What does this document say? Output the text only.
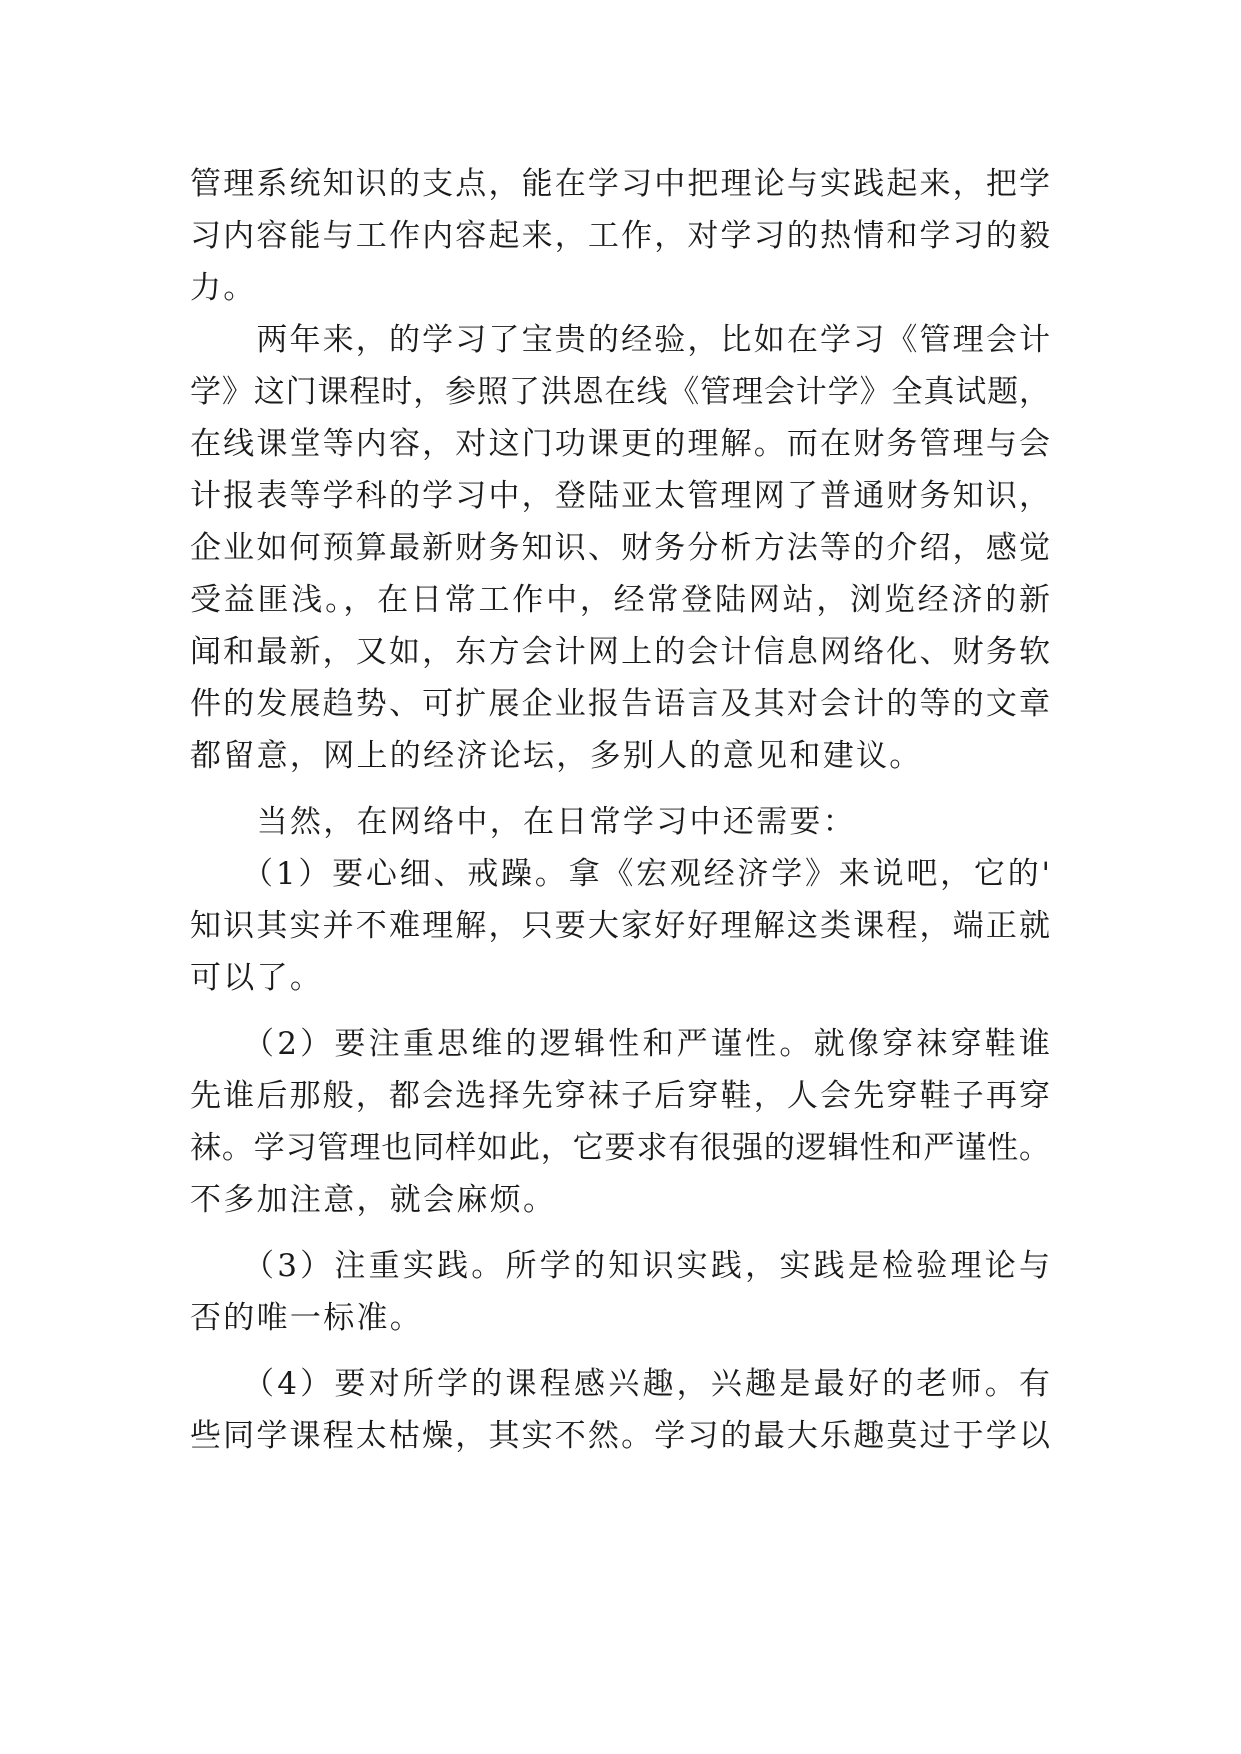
管理系统知识的支点，能在学习中把理论与实践起来，把学
习内容能与工作内容起来，工作，对学习的热情和学习的毅
力。
　　两年来，的学习了宝贵的经验，比如在学习《管理会计
学》这门课程时，参照了洪恩在线《管理会计学》全真试题，
在线课堂等内容，对这门功课更的理解。而在财务管理与会
计报表等学科的学习中，登陆亚太管理网了普通财务知识，
企业如何预算最新财务知识、财务分析方法等的介绍，感觉
受益匪浅。，在日常工作中，经常登陆网站，浏览经济的新
闻和最新，又如，东方会计网上的会计信息网络化、财务软
件的发展趋势、可扩展企业报告语言及其对会计的等的文章
都留意，网上的经济论坛，多别人的意见和建议。
　　当然，在网络中，在日常学习中还需要：
　　（1）要心细、戒躁。拿《宏观经济学》来说吧，它的'
知识其实并不难理解，只要大家好好理解这类课程，端正就
可以了。
　　（2）要注重思维的逻辑性和严谨性。就像穿袜穿鞋谁
先谁后那般，都会选择先穿袜子后穿鞋，人会先穿鞋子再穿
袜。学习管理也同样如此，它要求有很强的逻辑性和严谨性。
不多加注意，就会麻烦。
　　（3）注重实践。所学的知识实践，实践是检验理论与
否的唯一标准。
　　（4）要对所学的课程感兴趣，兴趣是最好的老师。有
些同学课程太枯燥，其实不然。学习的最大乐趣莫过于学以
